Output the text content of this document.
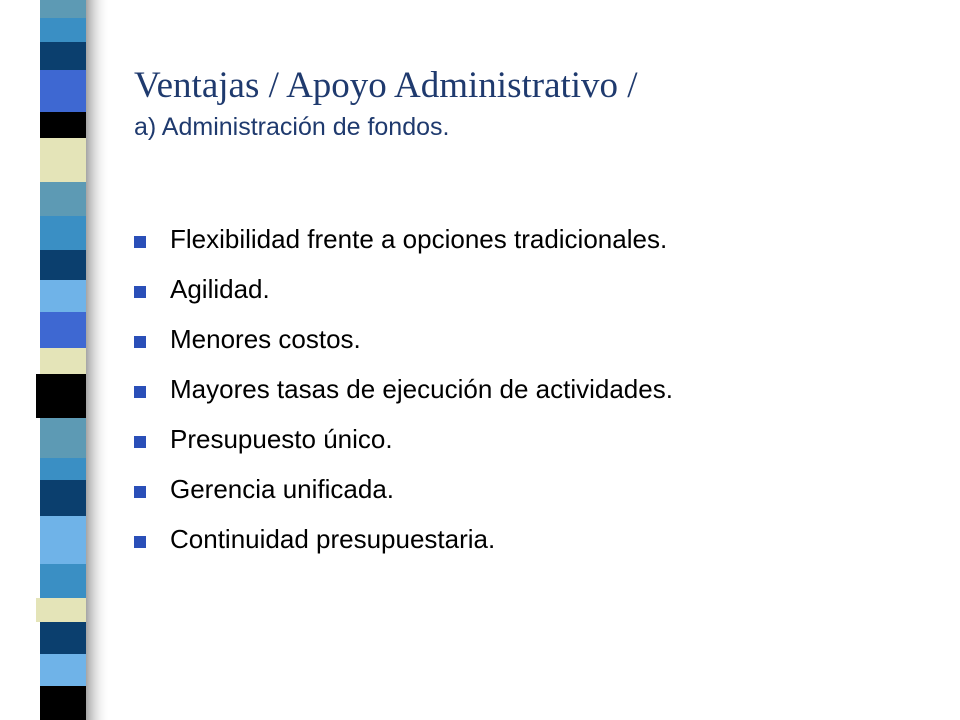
Ventajas / Apoyo Administrativo /
a) Administración de fondos.
Flexibilidad frente a opciones tradicionales.
Agilidad.
Menores costos.
Mayores tasas de ejecución de actividades.
Presupuesto único.
Gerencia unificada.
Continuidad presupuestaria.
